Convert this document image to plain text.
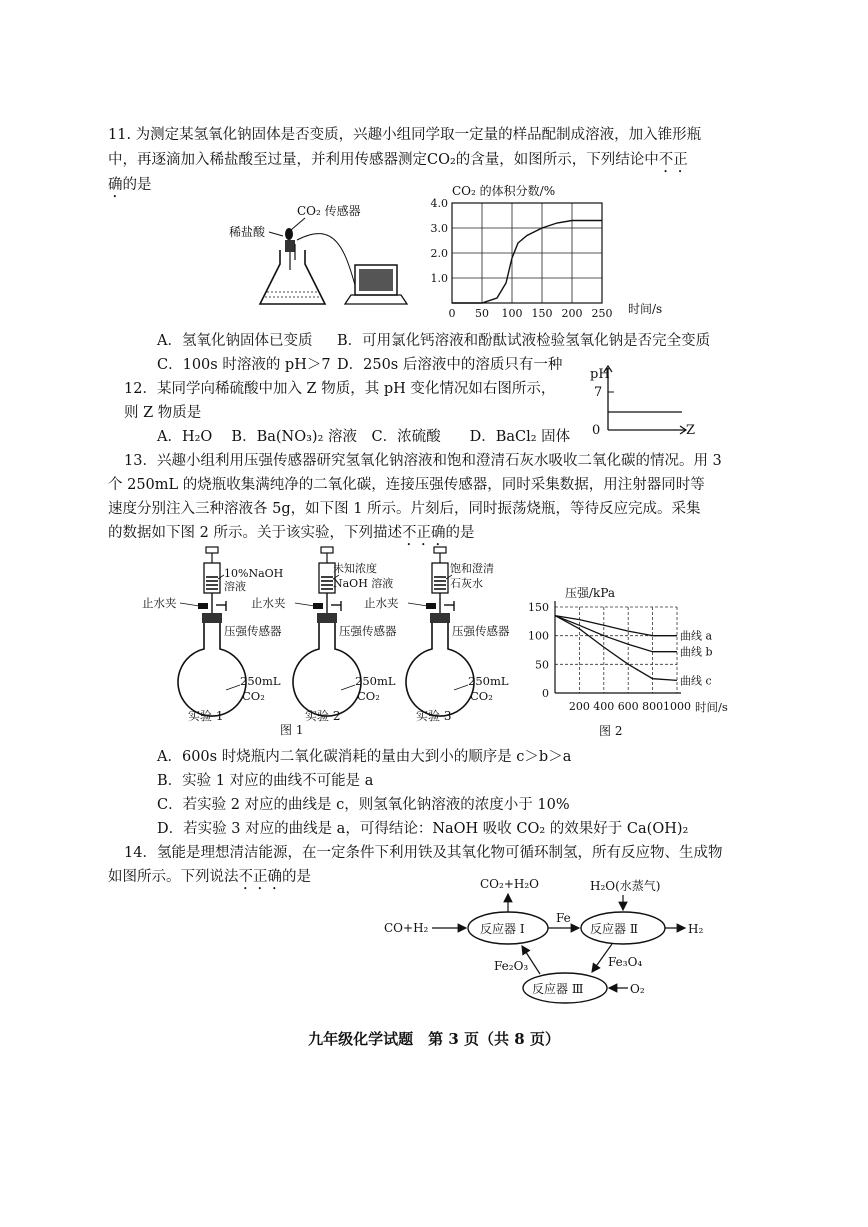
11. 为测定某氢氧化钠固体是否变质，兴趣小组同学取一定量的样品配制成溶液，加入锥形瓶
中，再逐滴加入稀盐酸至过量，并利用传感器测定CO₂的含量，如图所示，下列结论中不正
确的是
CO₂ 传感器
稀盐酸
CO₂ 的体积分数/%
时间/s
0 50 100 150 200 250
1.0
2.0
3.0
4.0
A．氢氧化钠固体已变质 B．可用氯化钙溶液和酚酞试液检验氢氧化钠是否完全变质
C．100s 时溶液的 pH＞7 D．250s 后溶液中的溶质只有一种
12．某同学向稀硫酸中加入 Z 物质，其 pH 变化情况如右图所示，
则 Z 物质是
A．H₂O　 B．Ba(NO₃)₂ 溶液　C．浓硫酸　　D．BaCl₂ 固体
pH
7
0	Z
13．兴趣小组利用压强传感器研究氢氧化钠溶液和饱和澄清石灰水吸收二氧化碳的情况。用 3
个 250mL 的烧瓶收集满纯净的二氧化碳，连接压强传感器，同时采集数据，用注射器同时等
速度分别注入三种溶液各 5g，如下图 1 所示。片刻后，同时振荡烧瓶，等待反应完成。采集
的数据如下图 2 所示。关于该实验，下列描述不正确的是
10%NaOH
溶液
实验 1
未知浓度
NaOH 溶液
实验 2
饱和澄清
石灰水
实验 3
图 1
止水夹
压强传感器
250mL
CO₂
止水夹
压强传感器
250mL
CO₂
止水夹
压强传感器
250mL
CO₂
压强/kPa
时间/s
图 2
200 400 600 800 1000
0
50
100
150
曲线 a
曲线 b
曲线 c
A．600s 时烧瓶内二氧化碳消耗的量由大到小的顺序是 c＞b＞a
B．实验 1 对应的曲线不可能是 a
C．若实验 2 对应的曲线是 c，则氢氧化钠溶液的浓度小于 10%
D．若实验 3 对应的曲线是 a，可得结论：NaOH 吸收 CO₂ 的效果好于 Ca(OH)₂
14．氢能是理想清洁能源，在一定条件下利用铁及其氧化物可循环制氢，所有反应物、生成物
如图所示。下列说法不正确的是
CO+H₂
CO₂+H₂O	H₂O(水蒸气)
反应器 Ⅰ	反应器 Ⅱ
反应器 Ⅲ
Fe
H₂
Fe₃O₄
Fe₂O₃
O₂
九年级化学试题　第 3 页（共 8 页）
